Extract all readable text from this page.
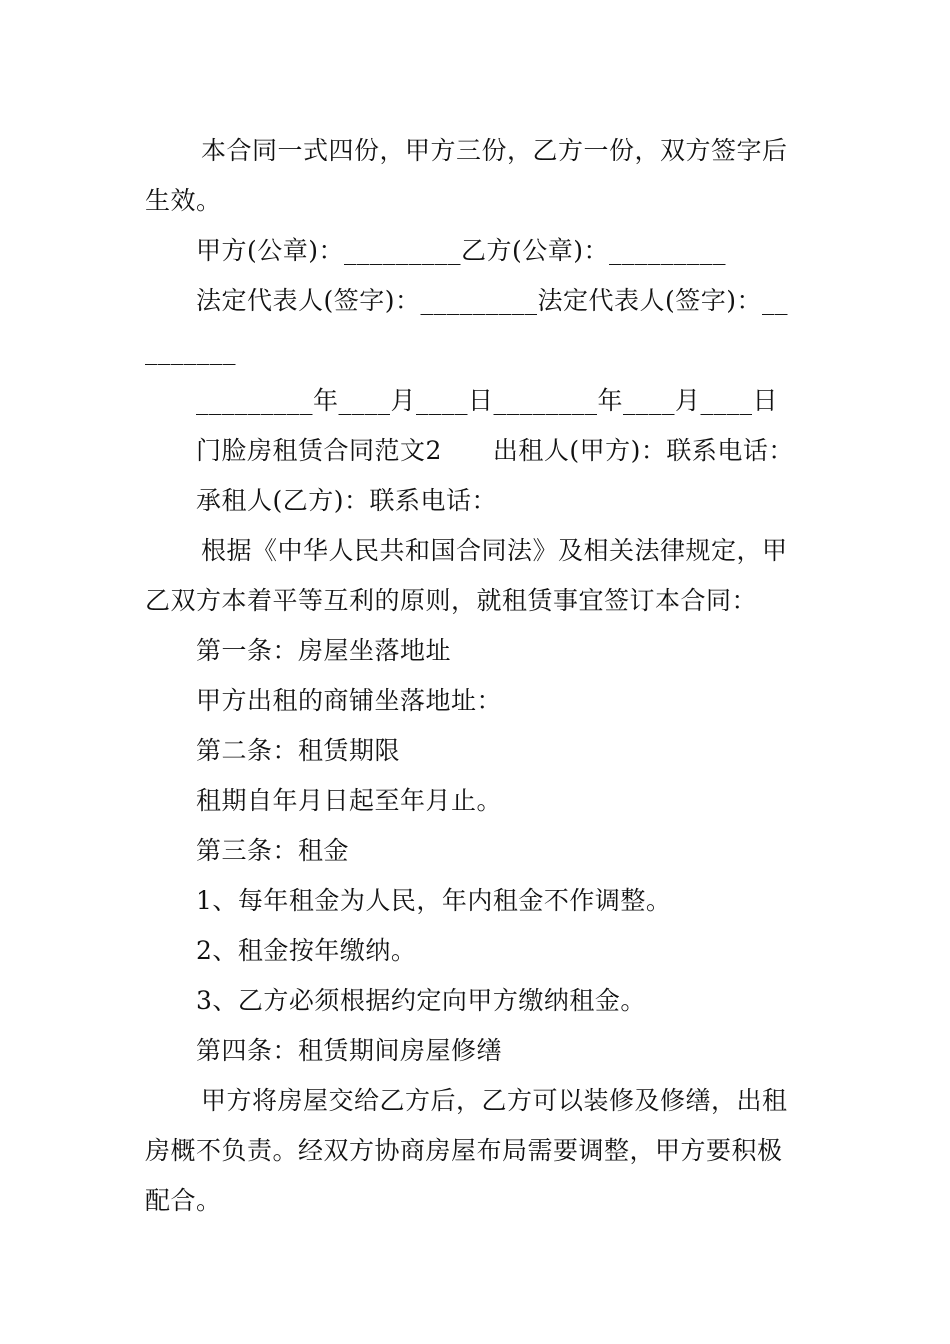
本合同一式四份，甲方三份，乙方一份，双方签字后
生效。
甲方(公章)：_________乙方(公章)：_________
法定代表人(签字)：_________法定代表人(签字)：__
_______
_________年____月____日________年____月____日
门脸房租赁合同范文2　　出租人(甲方)：联系电话：
承租人(乙方)：联系电话：
根据《中华人民共和国合同法》及相关法律规定，甲
乙双方本着平等互利的原则，就租赁事宜签订本合同：
第一条：房屋坐落地址
甲方出租的商铺坐落地址：
第二条：租赁期限
租期自年月日起至年月止。
第三条：租金
1、每年租金为人民，年内租金不作调整。
2、租金按年缴纳。
3、乙方必须根据约定向甲方缴纳租金。
第四条：租赁期间房屋修缮
甲方将房屋交给乙方后，乙方可以装修及修缮，出租
房概不负责。经双方协商房屋布局需要调整，甲方要积极
配合。
